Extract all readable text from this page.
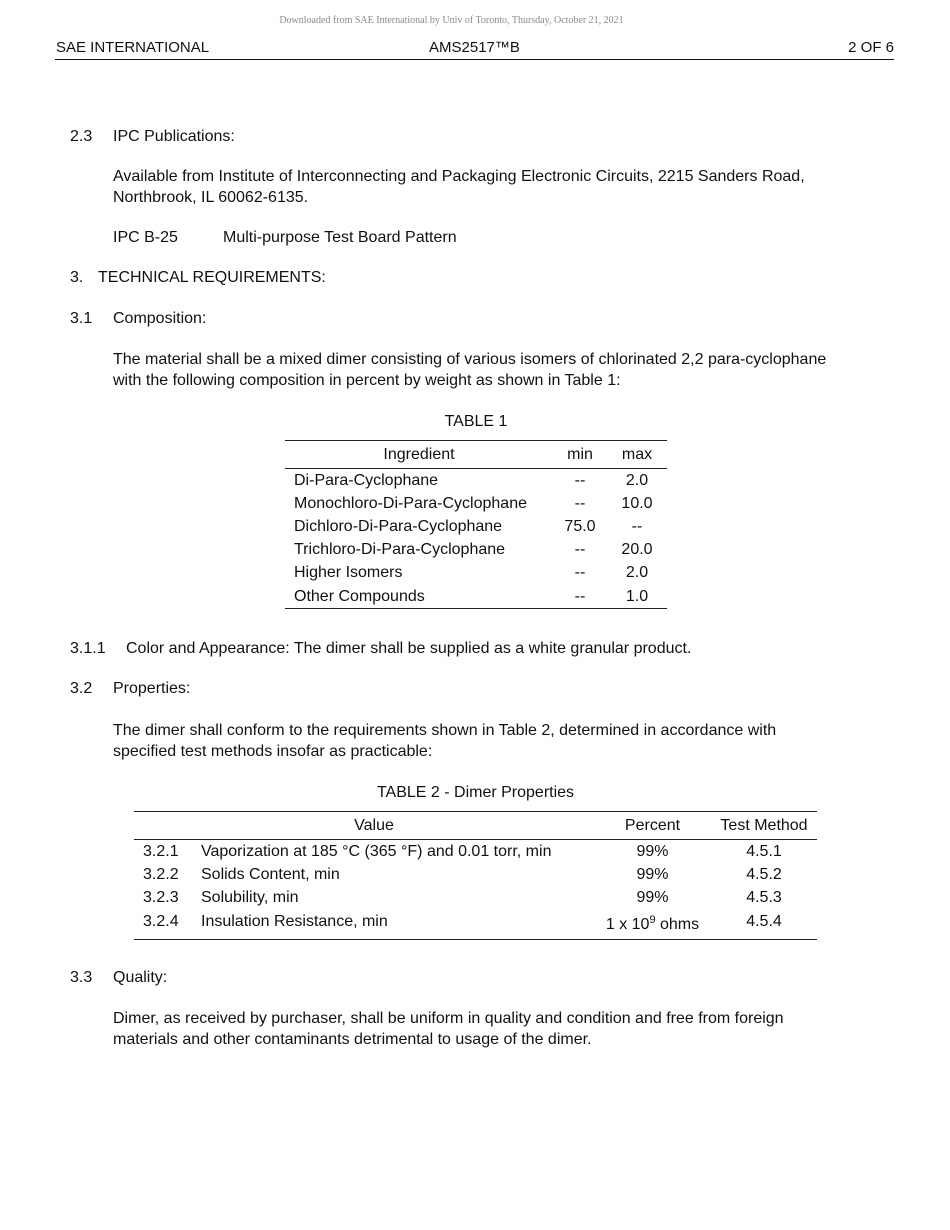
Downloaded from SAE International by Univ of Toronto, Thursday, October 21, 2021
SAE INTERNATIONAL	AMS2517™B	2 OF 6
2.3 IPC Publications:
Available from Institute of Interconnecting and Packaging Electronic Circuits, 2215 Sanders Road,
Northbrook, IL 60062-6135.
IPC B-25	Multi-purpose Test Board Pattern
3. TECHNICAL REQUIREMENTS:
3.1 Composition:
The material shall be a mixed dimer consisting of various isomers of chlorinated 2,2 para-cyclophane
with the following composition in percent by weight as shown in Table 1:
TABLE 1
Ingredient	min	max
Di-Para-Cyclophane	--	2.0
Monochloro-Di-Para-Cyclophane	--	10.0
Dichloro-Di-Para-Cyclophane	75.0	--
Trichloro-Di-Para-Cyclophane	--	20.0
Higher Isomers	--	2.0
Other Compounds	--	1.0
3.1.1 Color and Appearance: The dimer shall be supplied as a white granular product.
3.2 Properties:
The dimer shall conform to the requirements shown in Table 2, determined in accordance with
specified test methods insofar as practicable:
TABLE 2 - Dimer Properties
Value		Percent	Test Method
3.2.1	Vaporization at 185 °C (365 °F) and 0.01 torr, min	99%	4.5.1
3.2.2	Solids Content, min	99%	4.5.2
3.2.3	Solubility, min	99%	4.5.3
3.2.4	Insulation Resistance, min	1 x $10^9$ ohms	4.5.4
3.3 Quality:
Dimer, as received by purchaser, shall be uniform in quality and condition and free from foreign
materials and other contaminants detrimental to usage of the dimer.
